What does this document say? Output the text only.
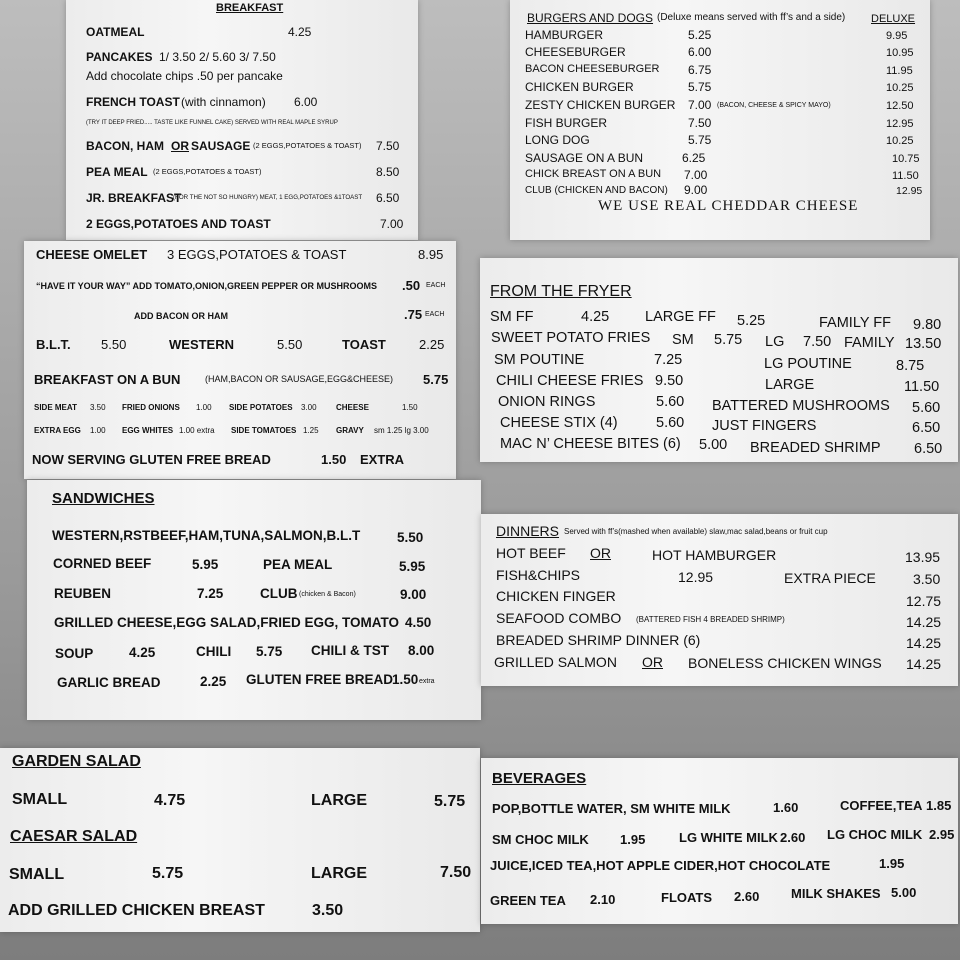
BREAKFAST
OATMEAL	4.25
PANCAKES 1/ 3.50 2/ 5.60 3/ 7.50
Add chocolate chips .50 per pancake
FRENCH TOAST (with cinnamon) 6.00
(TRY IT DEEP FRIED..... TASTE LIKE FUNNEL CAKE) SERVED WITH REAL MAPLE SYRUP
BACON, HAM OR SAUSAGE (2 EGGS,POTATOES & TOAST) 7.50
PEA MEAL (2 EGGS,POTATOES & TOAST)	8.50
JR. BREAKFAST
(FOR THE NOT SO HUNGRY) MEAT, 1 EGG,POTATOES &1TOAST 6.50
2 EGGS,POTATOES AND TOAST	7.00
CHEESE OMELET 3 EGGS,POTATOES & TOAST	8.95
“HAVE IT YOUR WAY” ADD TOMATO,ONION,GREEN PEPPER OR MUSHROOMS .50 EACH
ADD BACON OR HAM	.75 EACH
B.L.T. 5.50	WESTERN	5.50	TOAST	2.25
BREAKFAST ON A BUN	(HAM,BACON OR SAUSAGE,EGG&CHEESE) 5.75
SIDE MEAT 3.50 FRIED ONIONS 1.00 SIDE POTATOES 3.00 CHEESE	1.50
EXTRA EGG 1.00 EGG WHITES 1.00 extra SIDE TOMATOES 1.25 GRAVY sm 1.25 lg 3.00
NOW SERVING GLUTEN FREE BREAD	1.50 EXTRA
BURGERS AND DOGS (Deluxe means served with ff’s and a side) DELUXE
HAMBURGER	5.25	9.95
CHEESEBURGER	6.00	10.95
BACON CHEESEBURGER 6.75	11.95
CHICKEN BURGER	5.75	10.25
ZESTY CHICKEN BURGER 7.00 (BACON, CHEESE & SPICY MAYO)	12.50
FISH BURGER	7.50	12.95
LONG DOG	5.75	10.25
SAUSAGE ON A BUN	6.25	10.75
CHICK BREAST ON A BUN 7.00	11.50
CLUB (CHICKEN AND BACON) 9.00	12.95
WE USE REAL CHEDDAR CHEESE
FROM THE FRYER
SM FF	4.25 LARGE FF 5.25	FAMILY FF 9.80
SWEET POTATO FRIES SM 5.75 LG 7.50 FAMILY 13.50
SM POUTINE	7.25	LG POUTINE	8.75
CHILI CHEESE FRIES 9.50	LARGE	11.50
ONION RINGS	5.60 BATTERED MUSHROOMS 5.60
CHEESE STIX (4)	5.60 JUST FINGERS	6.50
MAC N’ CHEESE BITES (6) 5.00 BREADED SHRIMP 6.50
SANDWICHES
WESTERN,RSTBEEF,HAM,TUNA,SALMON,B.L.T	5.50
CORNED BEEF	5.95	PEA MEAL	5.95
REUBEN	7.25	CLUB (chicken & Bacon)	9.00
GRILLED CHEESE,EGG SALAD,FRIED EGG, TOMATO 4.50
SOUP	4.25	CHILI 5.75 CHILI & TST 8.00
GARLIC BREAD	2.25 GLUTEN FREE BREAD
1.50 extra
DINNERS Served with ff’s(mashed when available) slaw,mac salad,beans or fruit cup
HOT BEEF OR	HOT HAMBURGER	13.95
FISH&CHIPS	12.95	EXTRA PIECE	3.50
CHICKEN FINGER	12.75
SEAFOOD COMBO (BATTERED FISH 4 BREADED SHRIMP)	14.25
BREADED SHRIMP DINNER (6)	14.25
GRILLED SALMON OR BONELESS CHICKEN WINGS 14.25
GARDEN SALAD
SMALL	4.75	LARGE	5.75
CAESAR SALAD
SMALL	5.75	LARGE	7.50
ADD GRILLED CHICKEN BREAST	3.50
BEVERAGES
POP,BOTTLE WATER, SM WHITE MILK	1.60	COFFEE,TEA 1.85
SM CHOC MILK 1.95	LG WHITE MILK 2.60 LG CHOC MILK 2.95
JUICE,ICED TEA,HOT APPLE CIDER,HOT CHOCOLATE	1.95
GREEN TEA 2.10	FLOATS 2.60 MILK SHAKES 5.00
